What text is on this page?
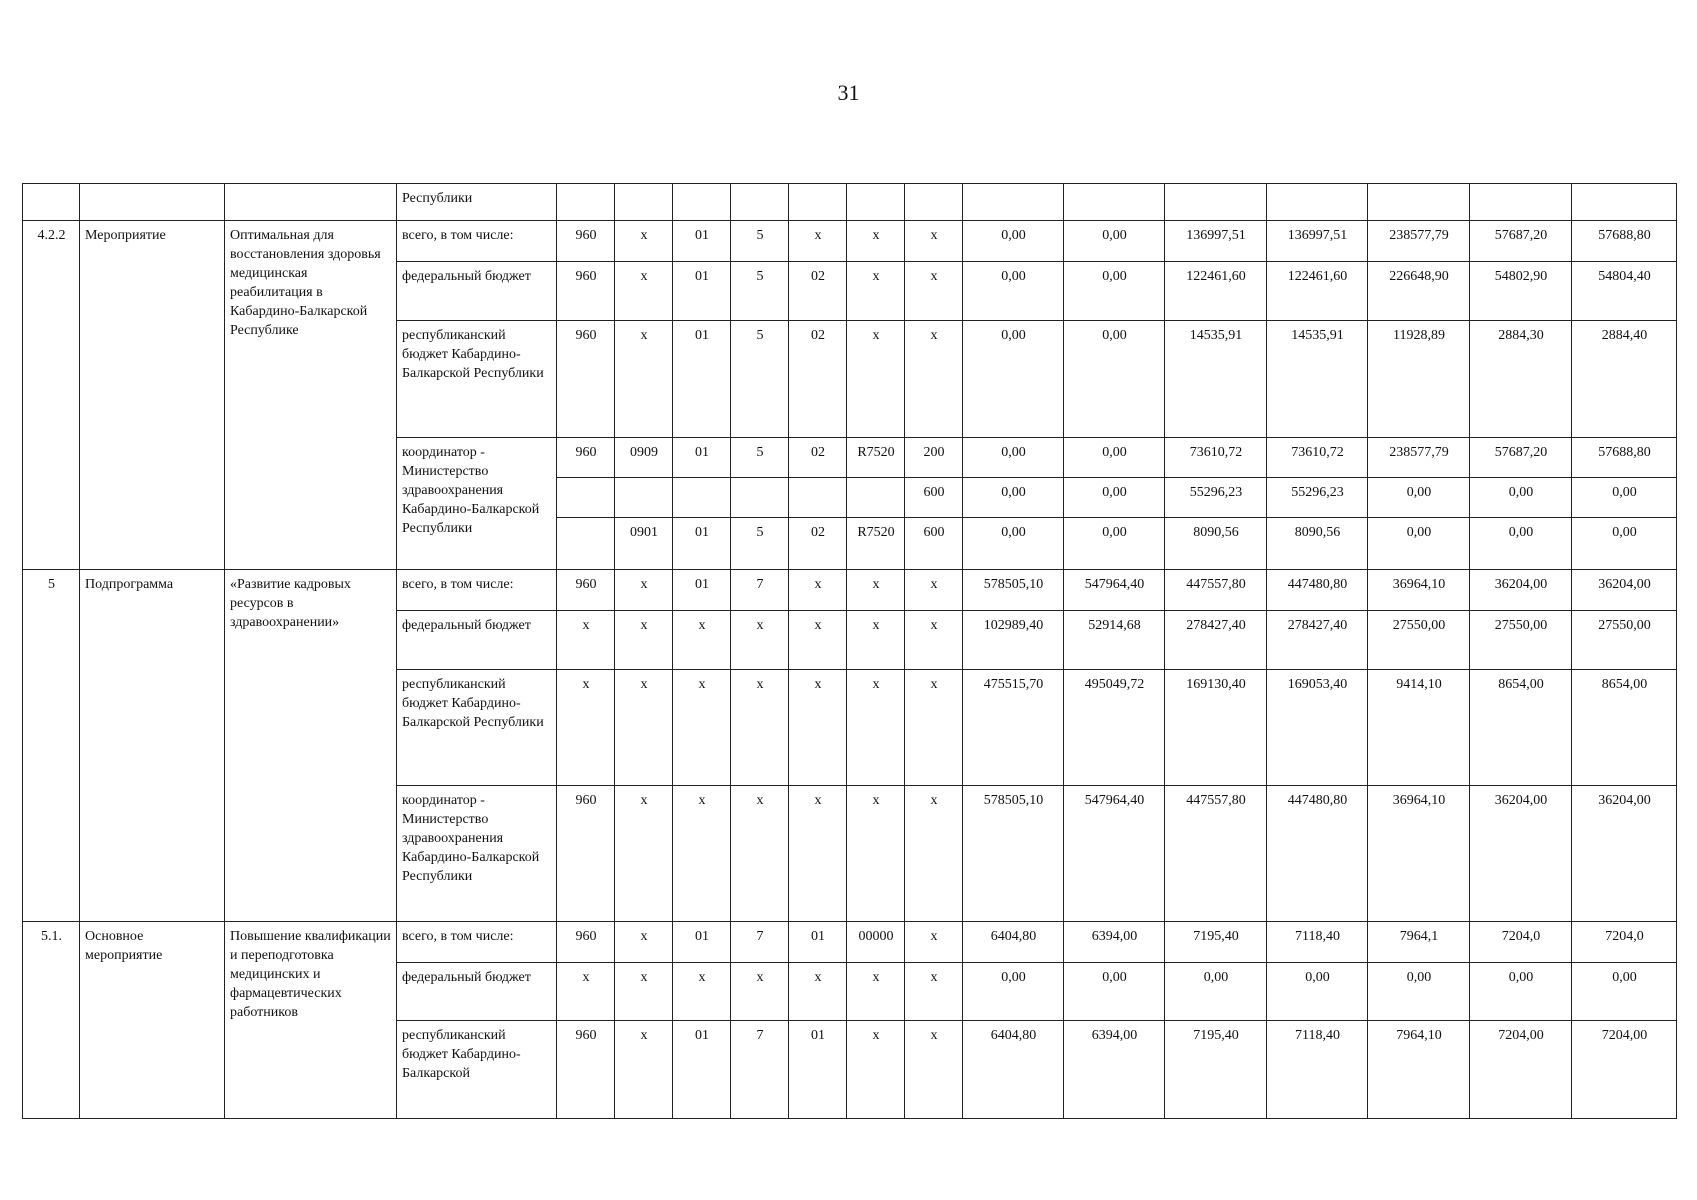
31
			Республики														
4.2.2	Мероприятие	Оптимальная для восстановления здоровья медицинская реабилитация в Кабардино-Балкарской Республике	всего, в том числе:	960	x	01	5	x	x	x	0,00	0,00	136997,51	136997,51	238577,79	57687,20	57688,80
			федеральный бюджет	960	x	01	5	02	x	x	0,00	0,00	122461,60	122461,60	226648,90	54802,90	54804,40
			республиканский бюджет Кабардино-Балкарской Республики	960	x	01	5	02	x	x	0,00	0,00	14535,91	14535,91	11928,89	2884,30	2884,40
			координатор - Министерство здравоохранения Кабардино-Балкарской Республики	960	0909	01	5	02	R7520	200	0,00	0,00	73610,72	73610,72	238577,79	57687,20	57688,80
										600	0,00	0,00	55296,23	55296,23	0,00	0,00	0,00
					0901	01	5	02	R7520	600	0,00	0,00	8090,56	8090,56	0,00	0,00	0,00
5	Подпрограмма	«Развитие кадровых ресурсов в здравоохранении»	всего, в том числе:	960	x	01	7	x	x	x	578505,10	547964,40	447557,80	447480,80	36964,10	36204,00	36204,00
			федеральный бюджет	x	x	x	x	x	x	x	102989,40	52914,68	278427,40	278427,40	27550,00	27550,00	27550,00
			республиканский бюджет Кабардино-Балкарской Республики	x	x	x	x	x	x	x	475515,70	495049,72	169130,40	169053,40	9414,10	8654,00	8654,00
			координатор - Министерство здравоохранения Кабардино-Балкарской Республики	960	x	x	x	x	x	x	578505,10	547964,40	447557,80	447480,80	36964,10	36204,00	36204,00
5.1.	Основное мероприятие	Повышение квалификации и переподготовка медицинских и фармацевтических работников	всего, в том числе:	960	x	01	7	01	00000	x	6404,80	6394,00	7195,40	7118,40	7964,1	7204,0	7204,0
			федеральный бюджет	x	x	x	x	x	x	x	0,00	0,00	0,00	0,00	0,00	0,00	0,00
			республиканский бюджет Кабардино-Балкарской	960	x	01	7	01	x	x	6404,80	6394,00	7195,40	7118,40	7964,10	7204,00	7204,00
